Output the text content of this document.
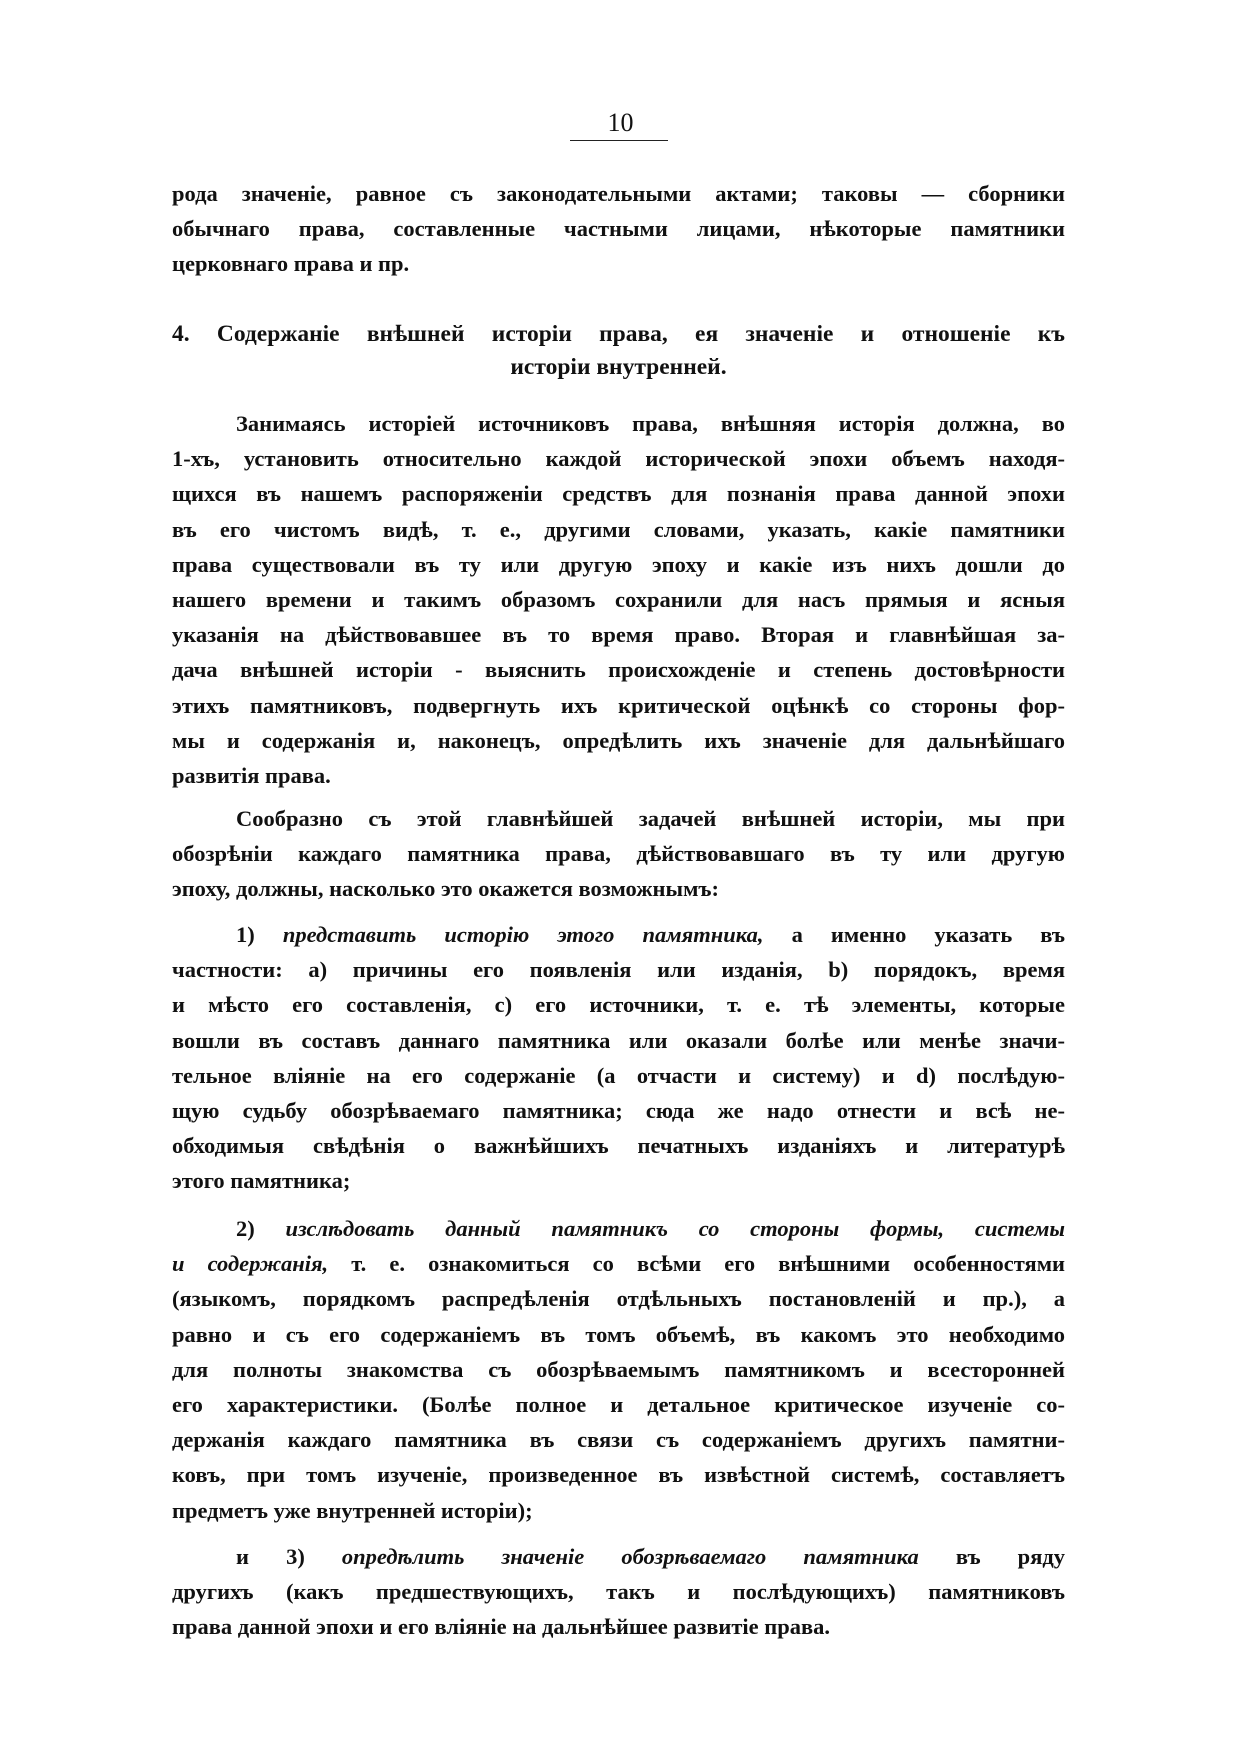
10
рода значеніе, равное съ законодательными актами; таковы — сборники
обычнаго права, составленные частными лицами, нѣкоторые памятники
церковнаго права и пр.
4. Содержаніе внѣшней исторіи права, ея значеніе и отношеніе къ
исторіи внутренней.
Занимаясь исторіей источниковъ права, внѣшняя исторія должна, во
1-хъ, установить относительно каждой исторической эпохи объемъ находя-
щихся въ нашемъ распоряженіи средствъ для познанія права данной эпохи
въ его чистомъ видѣ, т. е., другими словами, указать, какіе памятники
права существовали въ ту или другую эпоху и какіе изъ нихъ дошли до
нашего времени и такимъ образомъ сохранили для насъ прямыя и ясныя
указанія на дѣйствовавшее въ то время право. Вторая и главнѣйшая за-
дача внѣшней исторіи - выяснить происхожденіе и степень достовѣрности
этихъ памятниковъ, подвергнуть ихъ критической оцѣнкѣ со стороны фор-
мы и содержанія и, наконецъ, опредѣлить ихъ значеніе для дальнѣйшаго
развитія права.
Сообразно съ этой главнѣйшей задачей внѣшней исторіи, мы при
обозрѣніи каждаго памятника права, дѣйствовавшаго въ ту или другую
эпоху, должны, насколько это окажется возможнымъ:
1) представить исторію этого памятника, а именно указать въ
частности: а) причины его появленія или изданія, b) порядокъ, время
и мѣсто его составленія, с) его источники, т. е. тѣ элементы, которые
вошли въ составъ даннаго памятника или оказали болѣе или менѣе значи-
тельное вліяніе на его содержаніе (а отчасти и систему) и d) послѣдую-
щую судьбу обозрѣваемаго памятника; сюда же надо отнести и всѣ не-
обходимыя свѣдѣнія о важнѣйшихъ печатныхъ изданіяхъ и литературѣ
этого памятника;
2) изслѣдовать данный памятникъ со стороны формы, системы
и содержанія, т. е. ознакомиться со всѣми его внѣшними особенностями
(языкомъ, порядкомъ распредѣленія отдѣльныхъ постановленій и пр.), а
равно и съ его содержаніемъ въ томъ объемѣ, въ какомъ это необходимо
для полноты знакомства съ обозрѣваемымъ памятникомъ и всесторонней
его характеристики. (Болѣе полное и детальное критическое изученіе со-
держанія каждаго памятника въ связи съ содержаніемъ другихъ памятни-
ковъ, при томъ изученіе, произведенное въ извѣстной системѣ, составляетъ
предметъ уже внутренней исторіи);
и 3) опредѣлить значеніе обозрѣваемаго памятника въ ряду
другихъ (какъ предшествующихъ, такъ и послѣдующихъ) памятниковъ
права данной эпохи и его вліяніе на дальнѣйшее развитіе права.
